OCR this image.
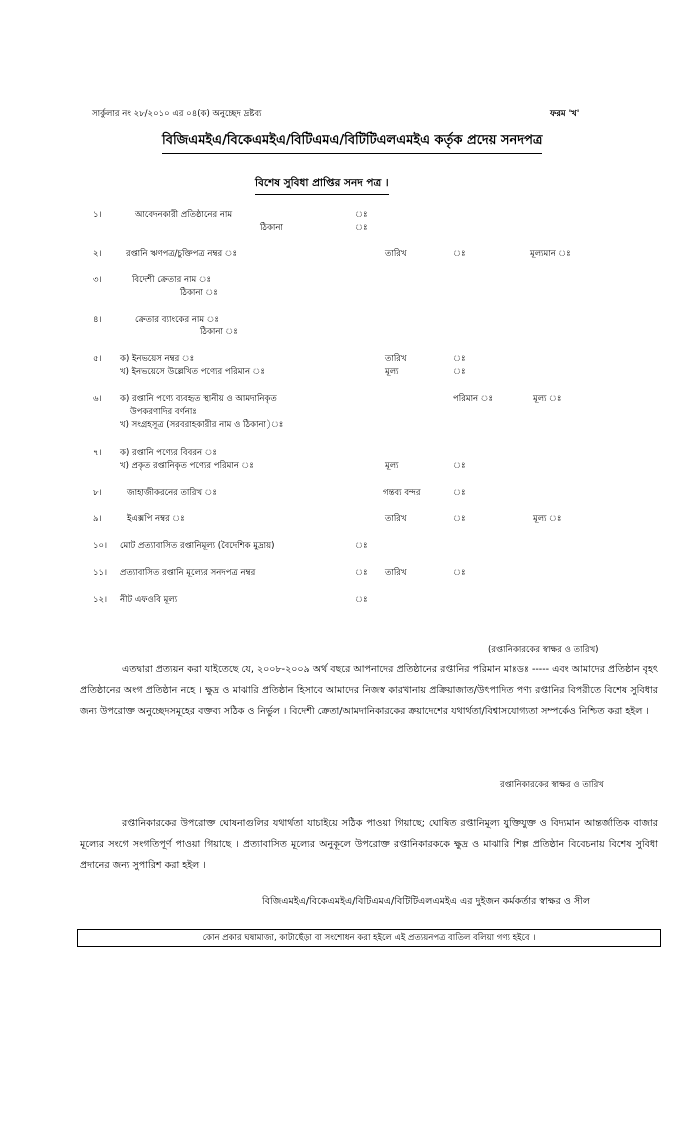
সার্কুলার নং ২৮/২০১০ এর ০৪(ক) অনুচ্ছেদ দ্রষ্টব্য	ফরম 'খ'
বিজিএমইএ/বিকেএমইএ/বিটিএমএ/বিটিটিএলএমইএ কর্তৃক প্রদেয় সনদপত্র
বিশেষ সুবিধা প্রাপ্তির সনদ পত্র ।
১।	আবেদনকারী প্রতিষ্ঠানের নাম	ঃ
ঠিকানা	ঃ
২।	রপ্তানি ঋণপত্র/চুক্তিপত্র নম্বর ঃ	তারিখ	ঃ	মূল্যমান ঃ
৩।	বিদেশী ক্রেতার নাম ঃ
ঠিকানা ঃ
৪।	ক্রেতার ব্যাংকের নাম ঃ
ঠিকানা ঃ
৫। ক) ইনভয়েস নম্বর ঃ	তারিখ	ঃ
খ) ইনভয়েসে উল্লেখিত পণ্যের পরিমান ঃ	মূল্য	ঃ
৬। ক) রপ্তানি পণ্যে ব্যবহৃত স্থানীয় ও আমদানিকৃত
উপকরণাদির বর্ণনাঃ
খ) সংগ্রহসূত্র (সরবরাহকারীর নাম ও ঠিকানা)ঃ
পরিমান ঃ	মূল্য ঃ
৭। ক) রপ্তানি পণ্যের বিবরন ঃ
খ) প্রকৃত রপ্তানিকৃত পণ্যের পরিমান ঃ	মূল্য	ঃ
৮।	জাহাজীকরনের তারিখ ঃ	গন্তব্য বন্দর	ঃ
৯।	ইএক্সপি নম্বর ঃ	তারিখ	ঃ	মূল্য ঃ
১০। মোট প্রত্যাবাসিত রপ্তানিমূল্য (বৈদেশিক মুদ্রায়)	ঃ
১১। প্রত্যাবাসিত রপ্তানি মূল্যের সনদপত্র নম্বর	ঃ তারিখ	ঃ
১২। নীট এফওবি মূল্য	ঃ
(রপ্তানিকারকের স্বাক্ষর ও তারিখ)
এতদ্বারা প্রত্যয়ন করা যাইতেছে যে, ২০০৮-২০০৯ অর্থ বছরে আপনাদের প্রতিষ্ঠানের রপ্তানির পরিমান মাঃডঃ ----- এবং আমাদের প্রতিষ্ঠান বৃহৎ প্রতিষ্ঠানের অংগ প্রতিষ্ঠান নহে । ক্ষুদ্র ও মাঝারি প্রতিষ্ঠান হিসাবে আমাদের নিজস্ব কারখানায় প্রক্রিয়াজাত/উৎপাদিত পণ্য রপ্তানির বিপরীতে বিশেষ সুবিধার জন্য উপরোক্ত অনুচ্ছেদসমূহের বক্তব্য সঠিক ও নির্ভুল । বিদেশী ক্রেতা/আমদানিকারকের ক্রয়াদেশের যথার্থতা/বিশ্বাসযোগ্যতা সম্পর্কেও নিশ্চিত করা হইল ।
রপ্তানিকারকের স্বাক্ষর ও তারিখ
রপ্তানিকারকের উপরোক্ত ঘোষনাগুলির যথার্থতা যাচাইয়ে সঠিক পাওয়া গিয়াছে; ঘোষিত রপ্তানিমূল্য যুক্তিযুক্ত ও বিদ্যমান আন্তর্জাতিক বাজার মূল্যের সংগে সংগতিপূর্ণ পাওয়া গিয়াছে । প্রত্যাবাসিত মূল্যের অনুকূলে উপরোক্ত রপ্তানিকারককে ক্ষুদ্র ও মাঝারি শিল্প প্রতিষ্ঠান বিবেচনায় বিশেষ সুবিধা প্রদানের জন্য সুপারিশ করা হইল ।
বিজিএমইএ/বিকেএমইএ/বিটিএমএ/বিটিটিএলএমইএ এর দুইজন কর্মকর্তার স্বাক্ষর ও সীল
কোন প্রকার ঘষামাজা, কাটাছেঁড়া বা সংশোধন করা হইলে এই প্রত্যয়নপত্র বাতিল বলিয়া গণ্য হইবে ।
